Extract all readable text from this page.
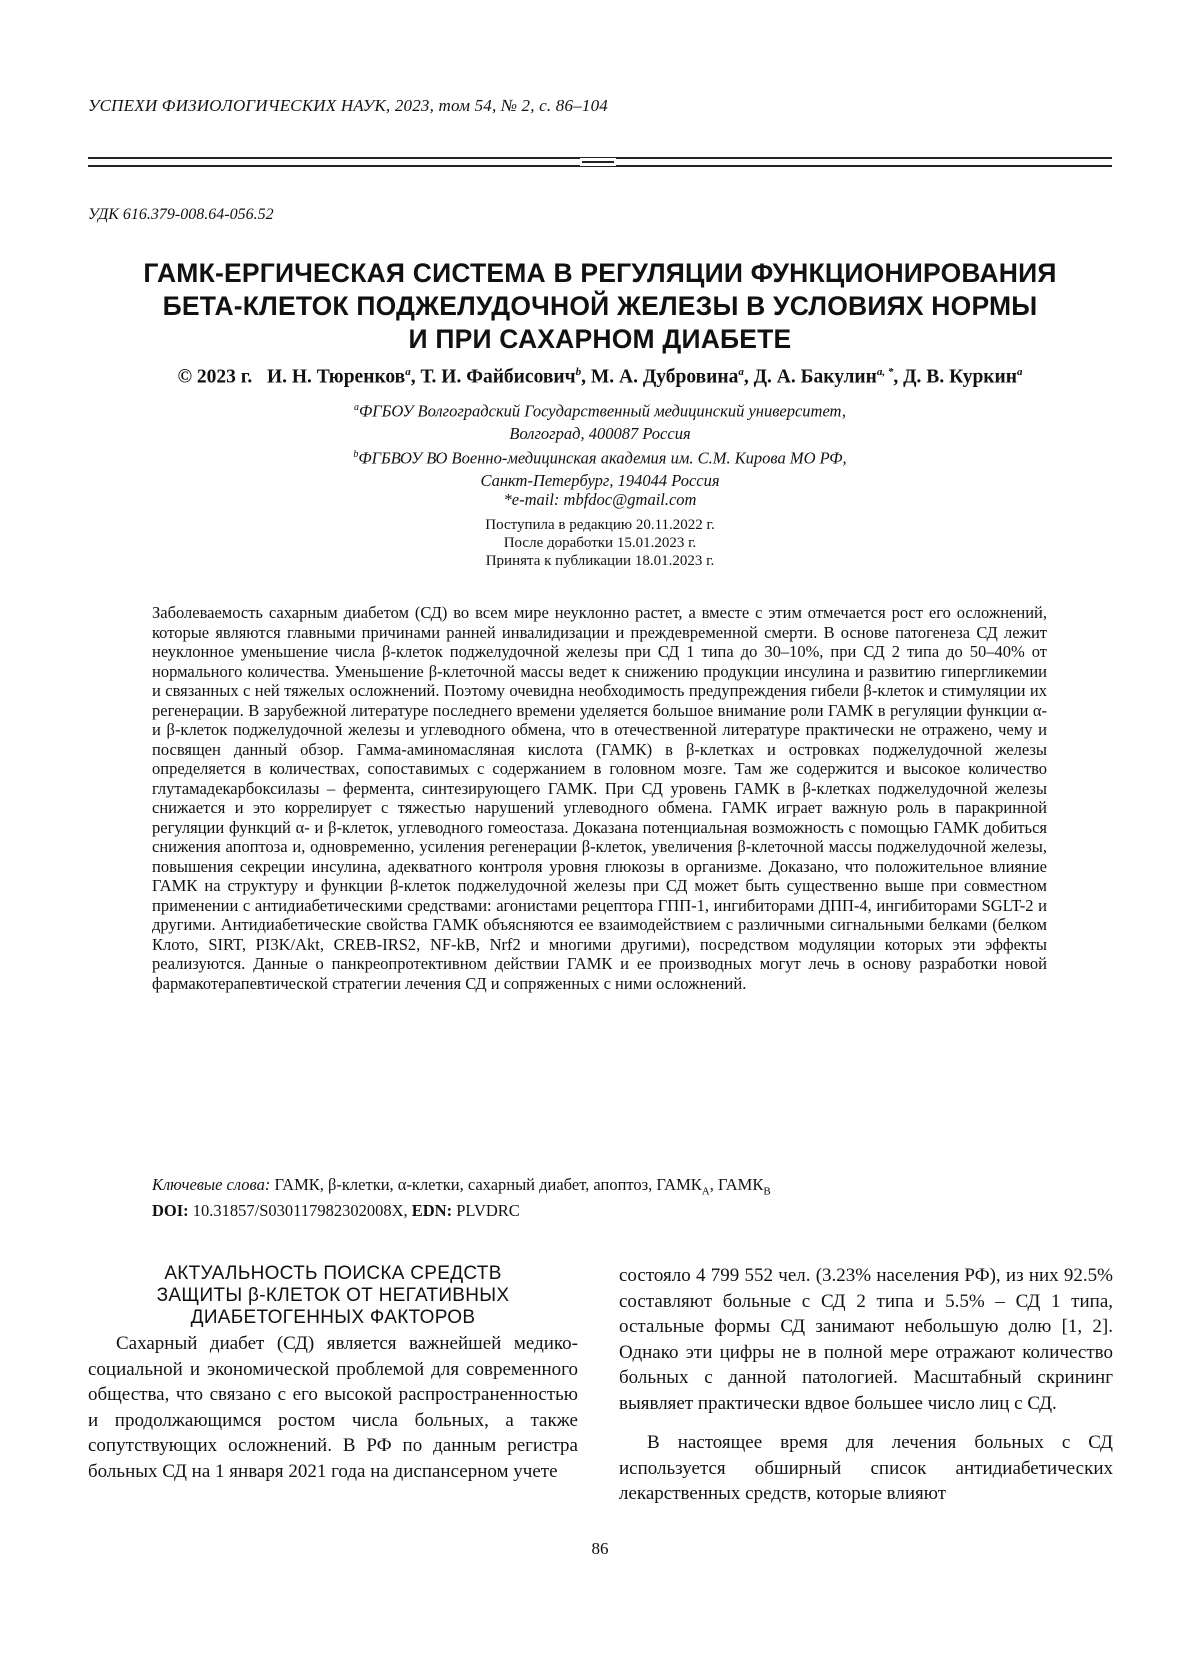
УСПЕХИ ФИЗИОЛОГИЧЕСКИХ НАУК, 2023, том 54, № 2, с. 86–104
УДК 616.379-008.64-056.52
ГАМК-ЕРГИЧЕСКАЯ СИСТЕМА В РЕГУЛЯЦИИ ФУНКЦИОНИРОВАНИЯ
БЕТА-КЛЕТОК ПОДЖЕЛУДОЧНОЙ ЖЕЛЕЗЫ В УСЛОВИЯХ НОРМЫ
И ПРИ САХАРНОМ ДИАБЕТЕ
© 2023 г. И. Н. Тюренковa, Т. И. Файбисовичb, М. А. Дубровинаa, Д. А. Бакулинa, *, Д. В. Куркинa
aФГБОУ Волгоградский Государственный медицинский университет,
Волгоград, 400087 Россия
bФГБВОУ ВО Военно-медицинская академия им. С.М. Кирова МО РФ,
Санкт-Петербург, 194044 Россия
*e-mail: mbfdoc@gmail.com
Поступила в редакцию 20.11.2022 г.
После доработки 15.01.2023 г.
Принята к публикации 18.01.2023 г.

Заболеваемость сахарным диабетом (СД) во всем мире неуклонно растет, а вместе с этим отмечается рост его осложнений, которые являются главными причинами ранней инвалидизации и преждевременной смерти. В основе патогенеза СД лежит неуклонное уменьшение числа β-клеток поджелудочной железы при СД 1 типа до 30–10%, при СД 2 типа до 50–40% от нормального количества. Уменьшение β-клеточной массы ведет к снижению продукции инсулина и развитию гипергликемии и связанных с ней тяжелых осложнений. Поэтому очевидна необходимость предупреждения гибели β-клеток и стимуляции их регенерации. В зарубежной литературе последнего времени уделяется большое внимание роли ГАМК в регуляции функции α- и β-клеток поджелудочной железы и углеводного обмена, что в отечественной литературе практически не отражено, чему и посвящен данный обзор. Гамма-аминомасляная кислота (ГАМК) в β-клетках и островках поджелудочной железы определяется в количествах, сопоставимых с содержанием в головном мозге. Там же содержится и высокое количество глутамадекарбоксилазы – фермента, синтезирующего ГАМК. При СД уровень ГАМК в β-клетках поджелудочной железы снижается и это коррелирует с тяжестью нарушений углеводного обмена. ГАМК играет важную роль в паракринной регуляции функций α- и β-клеток, углеводного гомеостаза. Доказана потенциальная возможность с помощью ГАМК добиться снижения апоптоза и, одновременно, усиления регенерации β-клеток, увеличения β-клеточной массы поджелудочной железы, повышения секреции инсулина, адекватного контроля уровня глюкозы в организме. Доказано, что положительное влияние ГАМК на структуру и функции β-клеток поджелудочной железы при СД может быть существенно выше при совместном применении с антидиабетическими средствами: агонистами рецептора ГПП-1, ингибиторами ДПП-4, ингибиторами SGLT-2 и другими. Антидиабетические свойства ГАМК объясняются ее взаимодействием с различными сигнальными белками (белком Клото, SIRT, PI3K/Akt, CREB-IRS2, NF-kB, Nrf2 и многими другими), посредством модуляции которых эти эффекты реализуются. Данные о панкреопротективном действии ГАМК и ее производных могут лечь в основу разработки новой фармакотерапевтической стратегии лечения СД и сопряженных с ними осложнений.

Ключевые слова: ГАМК, β-клетки, α-клетки, сахарный диабет, апоптоз, ГАМКA, ГАМКB
DOI: 10.31857/S030117982302008X, EDN: PLVDRC
АКТУАЛЬНОСТЬ ПОИСКА СРЕДСТВ
ЗАЩИТЫ β-КЛЕТОК ОТ НЕГАТИВНЫХ
ДИАБЕТОГЕННЫХ ФАКТОРОВ

Сахарный диабет (СД) является важнейшей медико-социальной и экономической проблемой для современного общества, что связано с его высокой распространенностью и продолжающимся ростом числа больных, а также сопутствующих осложнений. В РФ по данным регистра больных СД на 1 января 2021 года на диспансерном учете

состояло 4 799 552 чел. (3.23% населения РФ), из них 92.5% составляют больные с СД 2 типа и 5.5% – СД 1 типа, остальные формы СД занимают небольшую долю [1, 2]. Однако эти цифры не в полной мере отражают количество больных с данной патологией. Масштабный скрининг выявляет практически вдвое большее число лиц с СД.

В настоящее время для лечения больных с СД используется обширный список антидиабетических лекарственных средств, которые влияют

86
